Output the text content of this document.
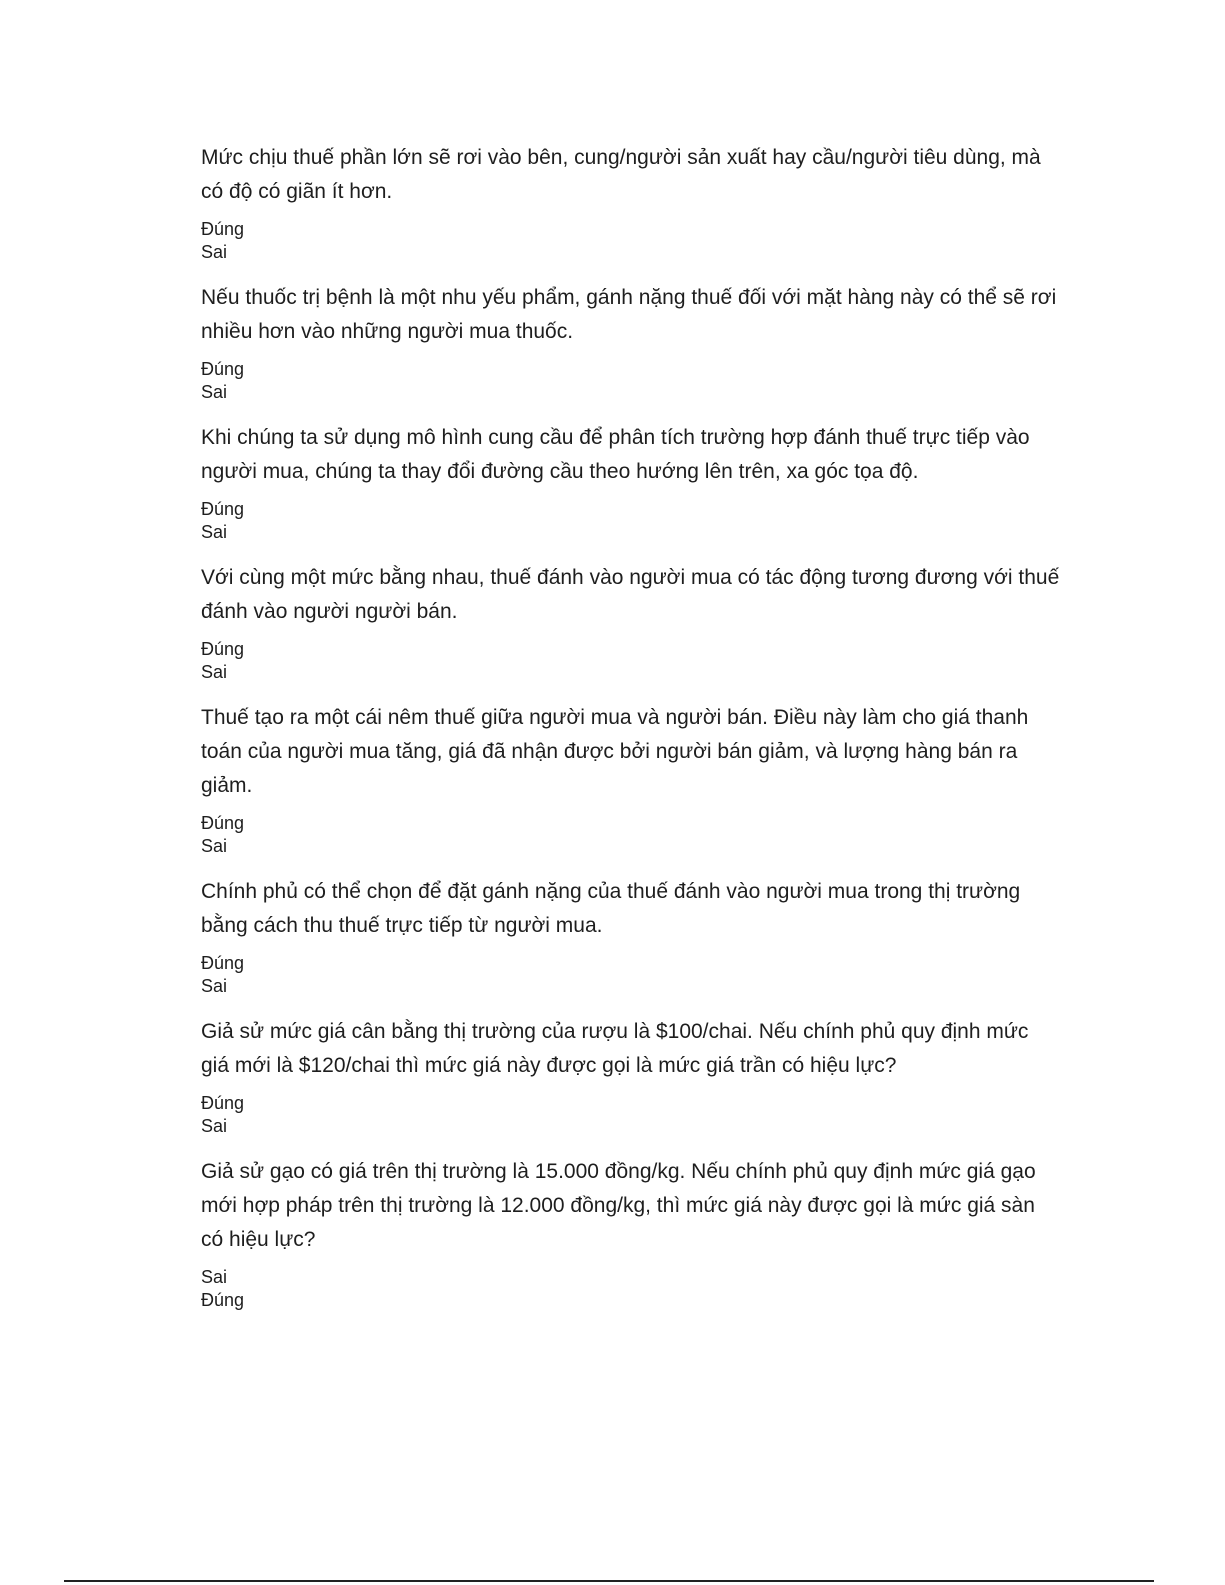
Mức chịu thuế phần lớn sẽ rơi vào bên, cung/người sản xuất hay cầu/người tiêu dùng, mà có độ có giãn ít hơn.

Đúng
Sai

Nếu thuốc trị bệnh là một nhu yếu phẩm, gánh nặng thuế đối với mặt hàng này có thể sẽ rơi nhiều hơn vào những người mua thuốc.

Đúng
Sai

Khi chúng ta sử dụng mô hình cung cầu để phân tích trường hợp đánh thuế trực tiếp vào người mua, chúng ta thay đổi đường cầu theo hướng lên trên, xa góc tọa độ.

Đúng
Sai

Với cùng một mức bằng nhau, thuế đánh vào người mua có tác động tương đương với thuế đánh vào người người bán.

Đúng
Sai

Thuế tạo ra một cái nêm thuế giữa người mua và người bán. Điều này làm cho giá thanh toán của người mua tăng, giá đã nhận được bởi người bán giảm, và lượng hàng bán ra giảm.

Đúng
Sai

Chính phủ có thể chọn để đặt gánh nặng của thuế đánh vào người mua trong thị trường bằng cách thu thuế trực tiếp từ người mua.

Đúng
Sai

Giả sử mức giá cân bằng thị trường của rượu là $100/chai. Nếu chính phủ quy định mức giá mới là $120/chai thì mức giá này được gọi là mức giá trần có hiệu lực?

Đúng
Sai

Giả sử gạo có giá trên thị trường là 15.000 đồng/kg. Nếu chính phủ quy định mức giá gạo mới hợp pháp trên thị trường là 12.000 đồng/kg, thì mức giá này được gọi là mức giá sàn có hiệu lực?

Sai
Đúng
